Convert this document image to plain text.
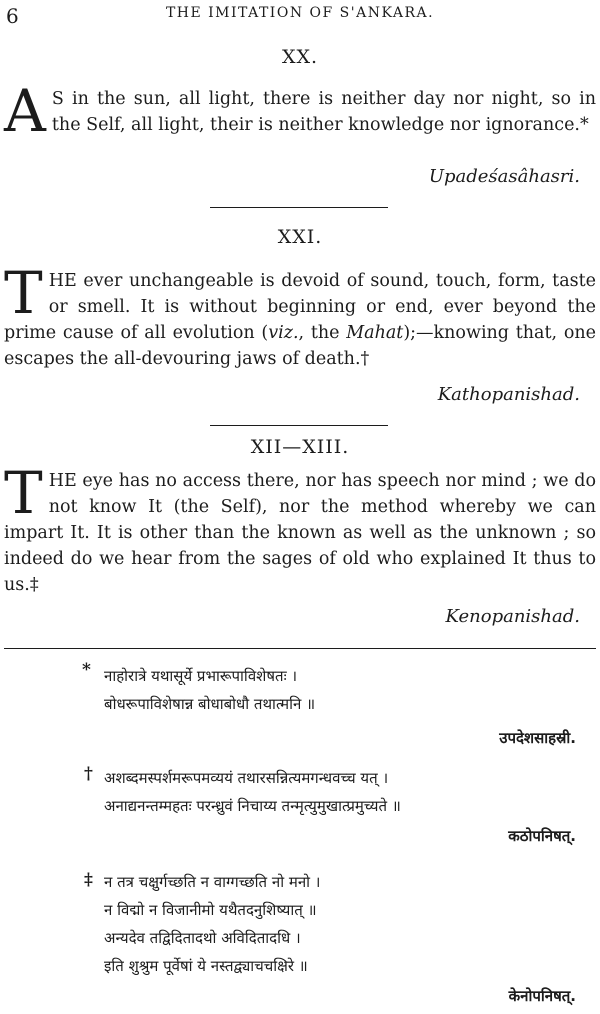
6	THE IMITATION OF S'ANKARA.
XX.
A S in the sun, all light, there is neither day nor night, so in the Self, all light, their is neither knowledge nor ignorance.*
Upadeśasâhasri.
XXI.
T HE ever unchangeable is devoid of sound, touch, form, taste or smell. It is without beginning or end, ever beyond the prime cause of all evolution (viz., the Mahat);—knowing that, one escapes the all-devouring jaws of death.†
Kathopanishad.
XII—XIII.
T HE eye has no access there, nor has speech nor mind ; we do not know It (the Self), nor the method whereby we can impart It. It is other than the known as well as the unknown ; so indeed do we hear from the sages of old who explained It thus to us.‡
Kenopanishad.
* नाहोरात्रे यथासूर्ये प्रभारूपाविशेषतः ।
बोधरूपाविशेषान्न बोधाबोधौ तथात्मनि ॥
उपदेशसाहस्री.
† अशब्दमस्पर्शमरूपमव्ययं तथारसन्नित्यमगन्धवच्च यत् ।
अनाद्यनन्तम्महतः परन्ध्रुवं निचाय्य तन्मृत्युमुखात्प्रमुच्यते ॥
कठोपनिषत्.
‡ न तत्र चक्षुर्गच्छति न वाग्गच्छति नो मनो ।
न विद्मो न विजानीमो यथैतदनुशिष्यात् ॥
अन्यदेव तद्विदितादथो अविदितादधि ।
इति शुश्रुम पूर्वेषां ये नस्तद्व्याचचक्षिरे ॥
केनोपनिषत्.
